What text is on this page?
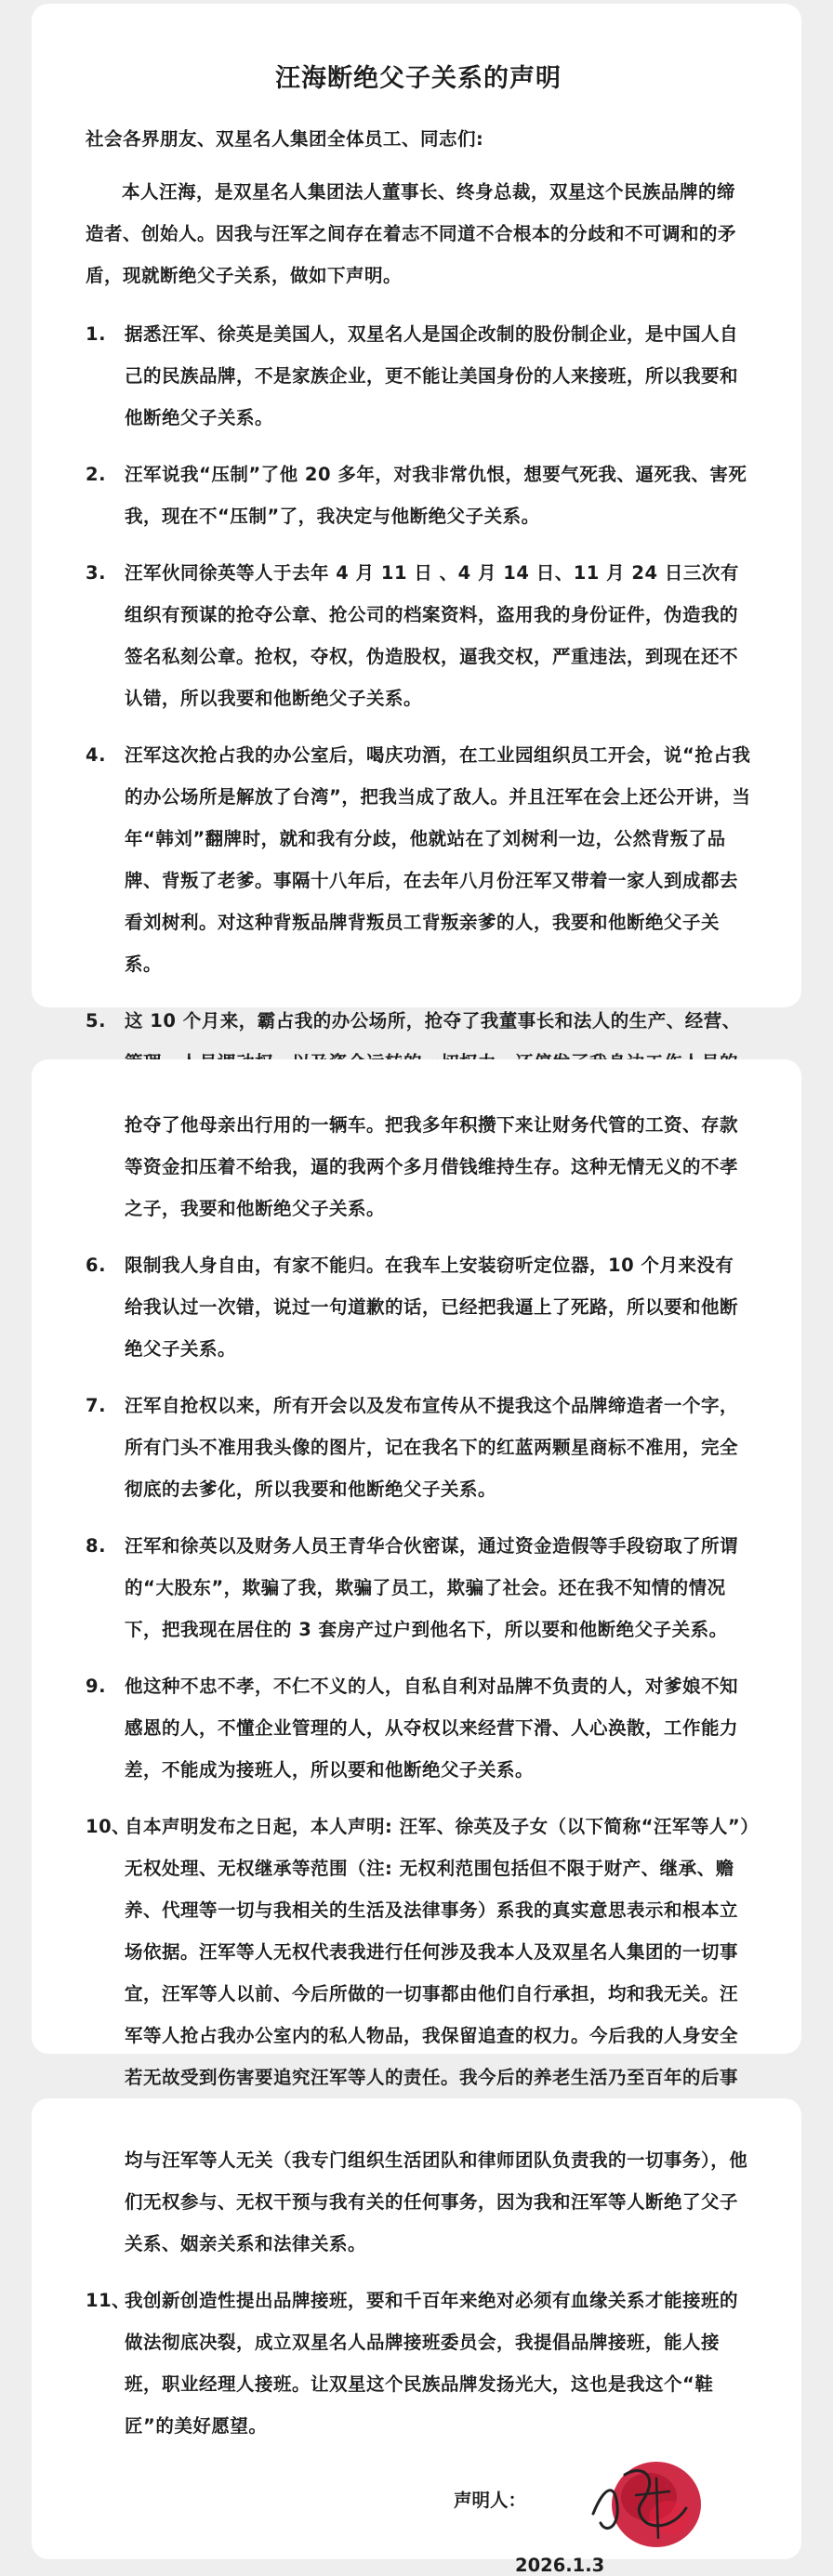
汪海断绝父子关系的声明

社会各界朋友、双星名人集团全体员工、同志们:

本人汪海，是双星名人集团法人董事长、终身总裁，双星这个民族品牌的缔造者、创始人。因我与汪军之间存在着志不同道不合根本的分歧和不可调和的矛盾，现就断绝父子关系，做如下声明。

1. 据悉汪军、徐英是美国人，双星名人是国企改制的股份制企业，是中国人自己的民族品牌，不是家族企业，更不能让美国身份的人来接班，所以我要和他断绝父子关系。
2. 汪军说我“压制”了他 20 多年，对我非常仇恨，想要气死我、逼死我、害死我，现在不“压制”了，我决定与他断绝父子关系。
3. 汪军伙同徐英等人于去年 4 月 11 日 、4 月 14 日、11 月 24 日三次有组织有预谋的抢夺公章、抢公司的档案资料，盗用我的身份证件，伪造我的签名私刻公章。抢权，夺权，伪造股权，逼我交权，严重违法，到现在还不认错，所以我要和他断绝父子关系。
4. 汪军这次抢占我的办公室后，喝庆功酒，在工业园组织员工开会，说“抢占我的办公场所是解放了台湾”，把我当成了敌人。并且汪军在会上还公开讲，当年“韩刘”翻牌时，就和我有分歧，他就站在了刘树利一边，公然背叛了品牌、背叛了老爹。事隔十八年后，在去年八月份汪军又带着一家人到成都去看刘树利。对这种背叛品牌背叛员工背叛亲爹的人，我要和他断绝父子关系。
5. 这 10 个月来，霸占我的办公场所，抢夺了我董事长和法人的生产、经营、

抢夺了他母亲出行用的一辆车。把我多年积攒下来让财务代管的工资、存款等资金扣压着不给我，逼的我两个多月借钱维持生存。这种无情无义的不孝之子，我要和他断绝父子关系。

6. 限制我人身自由，有家不能归。在我车上安装窃听定位器，10 个月来没有给我认过一次错，说过一句道歉的话，已经把我逼上了死路，所以要和他断绝父子关系。
7. 汪军自抢权以来，所有开会以及发布宣传从不提我这个品牌缔造者一个字，所有门头不准用我头像的图片，记在我名下的红蓝两颗星商标不准用，完全彻底的去爹化，所以我要和他断绝父子关系。
8. 汪军和徐英以及财务人员王青华合伙密谋，通过资金造假等手段窃取了所谓的“大股东”，欺骗了我，欺骗了员工，欺骗了社会。还在我不知情的情况下，把我现在居住的 3 套房产过户到他名下，所以要和他断绝父子关系。
9. 他这种不忠不孝，不仁不义的人，自私自利对品牌不负责的人，对爹娘不知感恩的人，不懂企业管理的人，从夺权以来经营下滑、人心涣散，工作能力差，不能成为接班人，所以要和他断绝父子关系。
10、
自本声明发布之日起，本人声明: 汪军、徐英及子女（以下简称“汪军等人”）无权处理、无权继承等范围（注: 无权利范围包括但不限于财产、继承、赡养、代理等一切与我相关的生活及法律事务）系我的真实意思表示和根本立场依据。汪军等人无权代表我进行任何涉及我本人及双星名人集团的一切事宜，汪军等人以前、今后所做的一切事都由他们自行承担，均和我无关。汪军等人抢占我办公室内的私人物品，我保留追查的权力。今后我的人身安全若无故受到伤害要追究汪军等人的责任。我今后的养老生活乃至百年的后事

均与汪军等人无关（我专门组织生活团队和律师团队负责我的一切事务），他们无权参与、无权干预与我有关的任何事务，因为我和汪军等人断绝了父子关系、姻亲关系和法律关系。

11、
我创新创造性提出品牌接班，要和千百年来绝对必须有血缘关系才能接班的做法彻底决裂，成立双星名人品牌接班委员会，我提倡品牌接班，能人接班，职业经理人接班。让双星这个民族品牌发扬光大，这也是我这个“鞋匠”的美好愿望。
声明人：
2026.1.3
